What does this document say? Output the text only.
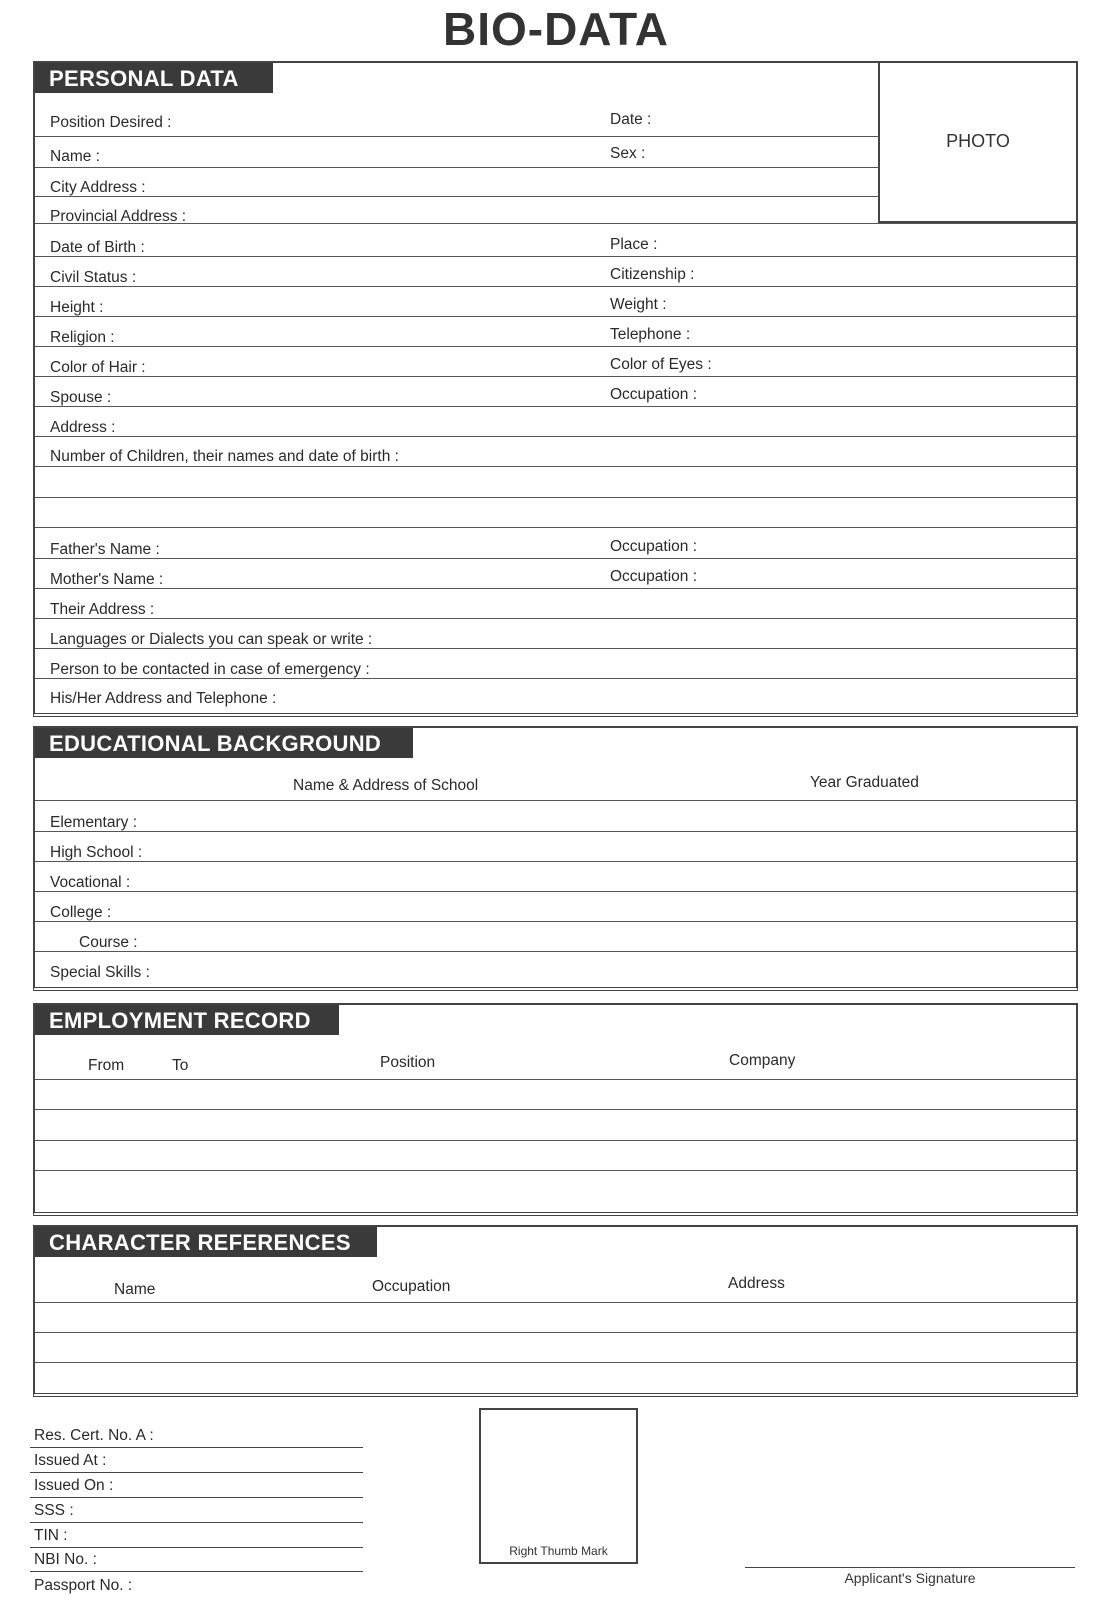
BIO-DATA
PERSONAL DATA
PHOTO
Position Desired :	Date :
Name :	Sex :
City Address :
Provincial Address :
Date of Birth :	Place :
Civil Status :	Citizenship :
Height :	Weight :
Religion :	Telephone :
Color of Hair :	Color of Eyes :
Spouse :	Occupation :
Address :
Number of Children, their names and date of birth :
Father's Name :	Occupation :
Mother's Name :	Occupation :
Their Address :
Languages or Dialects you can speak or write :
Person to be contacted in case of emergency :
His/Her Address and Telephone :
EDUCATIONAL BACKGROUND
Name & Address of School	Year Graduated
Elementary :
High School :
Vocational :
College :
Course :
Special Skills :
EMPLOYMENT RECORD
From	To	Position	Company
CHARACTER REFERENCES
Name	Occupation	Address
Res. Cert. No. A :
Issued At :
Issued On :
SSS :
TIN :
NBI No. :
Passport No. :
Right Thumb Mark
Applicant's Signature
